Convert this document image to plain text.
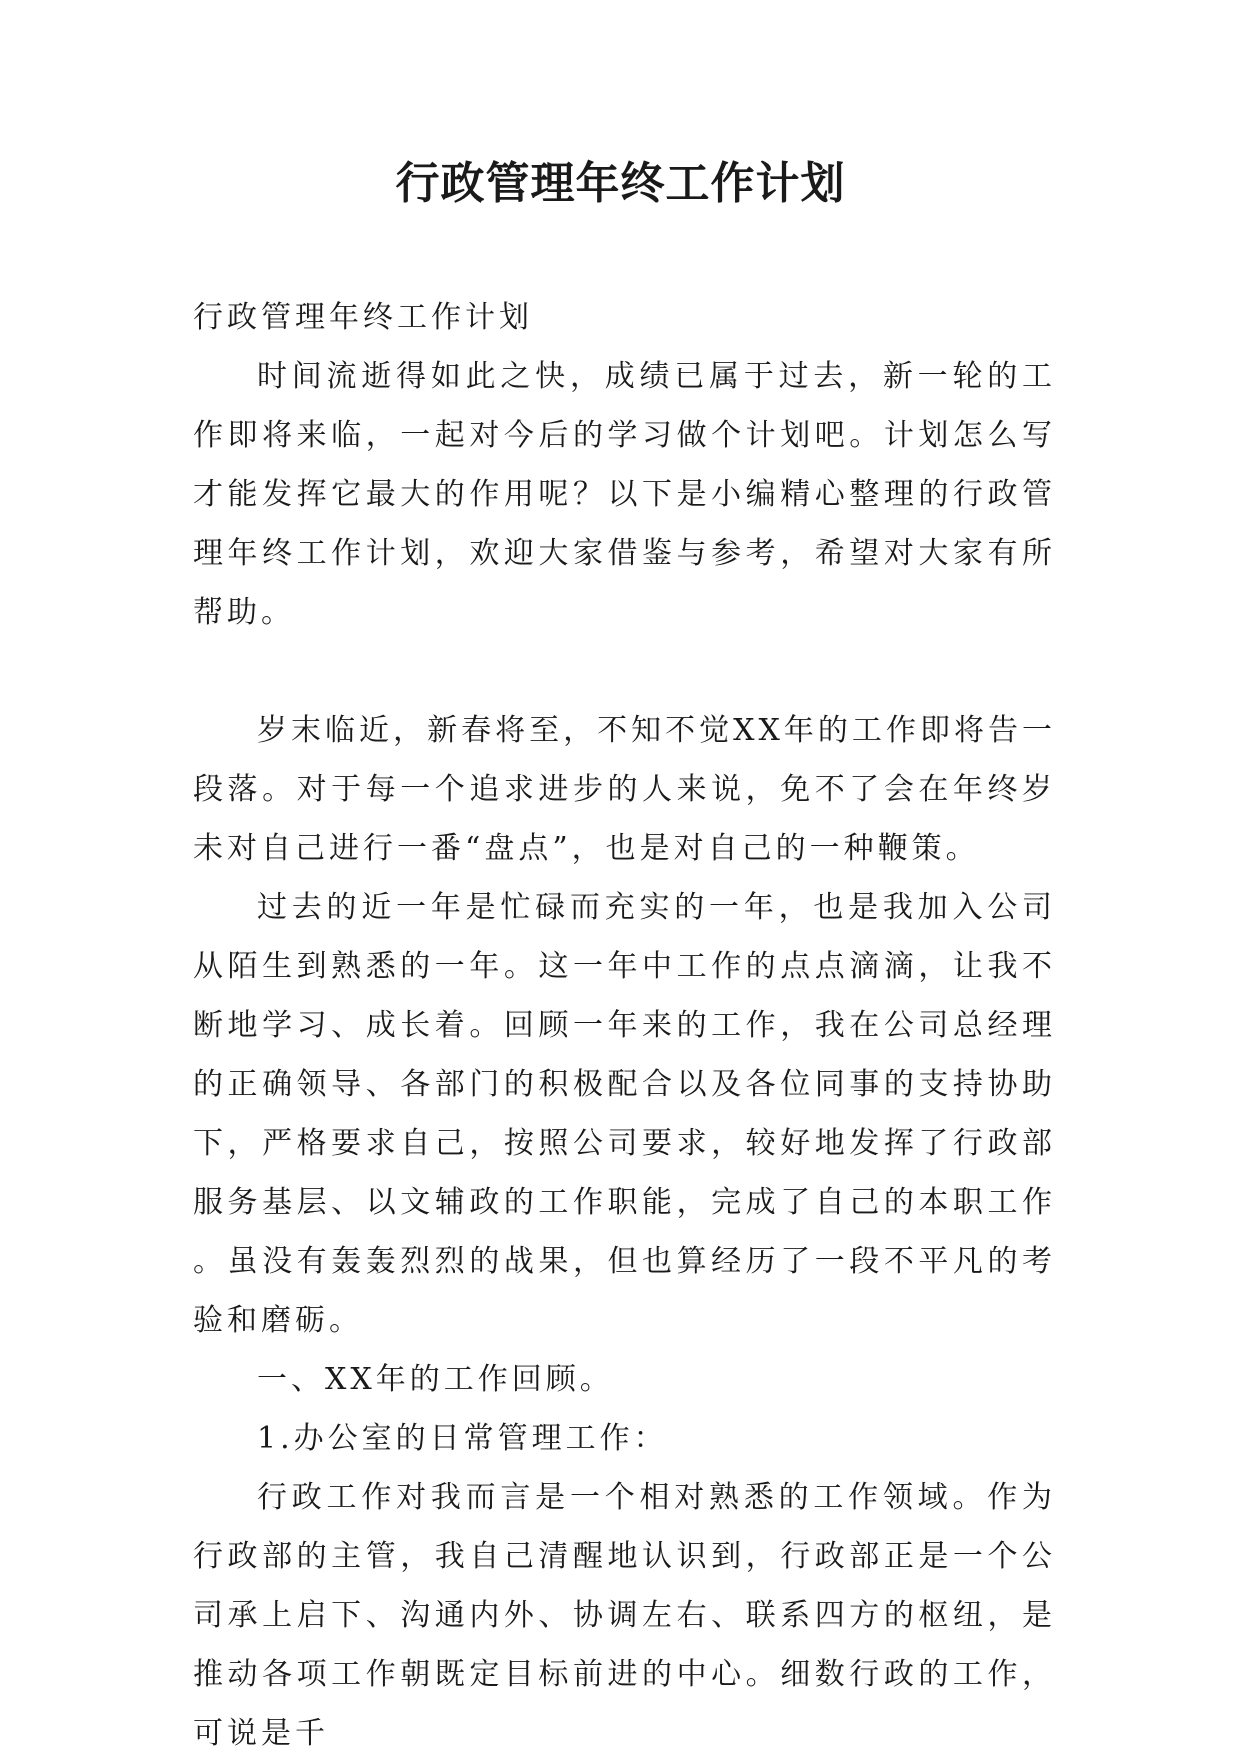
行政管理年终工作计划

行政管理年终工作计划

时间流逝得如此之快，成绩已属于过去，新一轮的工作即将来临，一起对今后的学习做个计划吧。计划怎么写才能发挥它最大的作用呢？以下是小编精心整理的行政管理年终工作计划，欢迎大家借鉴与参考，希望对大家有所帮助。

岁末临近，新春将至，不知不觉XX年的工作即将告一段落。对于每一个追求进步的人来说，免不了会在年终岁未对自己进行一番“盘点”，也是对自己的一种鞭策。

过去的近一年是忙碌而充实的一年，也是我加入公司从陌生到熟悉的一年。这一年中工作的点点滴滴，让我不断地学习、成长着。回顾一年来的工作，我在公司总经理的正确领导、各部门的积极配合以及各位同事的支持协助下，严格要求自己，按照公司要求，较好地发挥了行政部服务基层、以文辅政的工作职能，完成了自己的本职工作。虽没有轰轰烈烈的战果，但也算经历了一段不平凡的考验和磨砺。

一、XX年的工作回顾。

1.办公室的日常管理工作：

行政工作对我而言是一个相对熟悉的工作领域。作为行政部的主管，我自己清醒地认识到，行政部正是一个公司承上启下、沟通内外、协调左右、联系四方的枢纽，是推动各项工作朝既定目标前进的中心。细数行政的工作，可说是千
